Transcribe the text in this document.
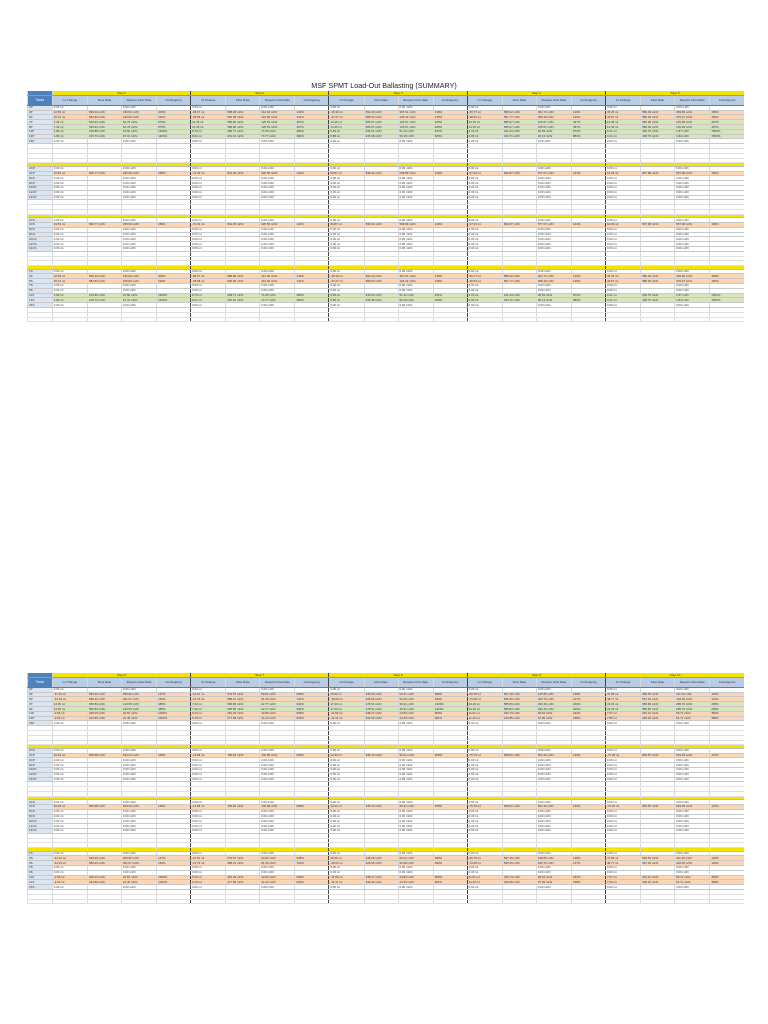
MSF SPMT Load-Out Ballasting (SUMMARY)
	Step 1				Step 2				Step 3				Step 4				Step 5			
Tanks	mt Change	Flow Rate	Require Flow Rate	Contingency	mt Change	Flow Rate	Require Flow Rate	Contingency	mt Change	Flow Rate	Require Flow Rate	Contingency	mt Change	Flow Rate	Require Flow Rate	Contingency	mt Change	Flow Rate	Require Flow Rate	Contingency
2P	0.00 mt		0.00 mt/hr		0.00 mt		0.00 mt/hr		0.00 mt		0.00 mt/hr		0.00 mt		0.00 mt/hr		0.00 mt		0.00 mt/hr	
3P	22.59 mt	590.10 mt/hr	196.52 mt/hr	303%	-68.07 mt	588.08 mt/hr	412.00 mt/hr	143%	-46.39 mt	592.20 mt/hr	397.61 mt/hr	149%	-66.77 mt	586.92 mt/hr	402.73 mt/hr	146%	45.25 mt	586.39 mt/hr	369.80 mt/hr	159%
5P	25.31 mt	582.83 mt/hr	199.83 mt/hr	292%	-38.08 mt	590.08 mt/hr	419.90 mt/hr	141%	-37.27 mt	589.53 mt/hr	436.42 mt/hr	135%	-38.52 mt	591.77 mt/hr	398.19 mt/hr	149%	43.87 mt	586.39 mt/hr	376.07 mt/hr	156%
7P	7.32 mt	549.32 mt/hr	62.79 mt/hr	875%	14.45 mt	585.80 mt/hr	125.53 mt/hr	467%	14.45 mt	585.97 mt/hr	125.97 mt/hr	465%	14.45 mt	585.97 mt/hr	125.57 mt/hr	467%	14.45 mt	586.09 mt/hr	125.38 mt/hr	467%
9P	7.32 mt	549.32 mt/hr	62.79 mt/hr	875%	14.45 mt	585.80 mt/hr	125.53 mt/hr	467%	14.45 mt	585.97 mt/hr	125.97 mt/hr	465%	14.45 mt	585.97 mt/hr	125.57 mt/hr	467%	14.45 mt	586.09 mt/hr	125.38 mt/hr	467%
11P	1.83 mt	219.85 mt/hr	15.60 mt/hr	1409%	8.70 mt	289.71 mt/hr	74.35 mt/hr	390%	5.96 mt	230.51 mt/hr	51.12 mt/hr	451%	3.10 mt	231.23 mt/hr	26.53 mt/hr	872%	0.21 mt	230.75 mt/hr	1.87 mt/hr	7003%
13P	1.80 mt	215.73 mt/hr	15.31 mt/hr	1409%	8.62 mt	281.91 mt/hr	73.77 mt/hr	382%	5.88 mt	235.38 mt/hr	50.18 mt/hr	469%	3.05 mt	230.71 mt/hr	26.13 mt/hr	883%	0.21 mt	228.76 mt/hr	1.84 mt/hr	7003%
15P	0.00 mt		0.00 mt/hr		0.00 mt		0.00 mt/hr		0.00 mt		0.00 mt/hr		0.00 mt		0.00 mt/hr		0.00 mt		0.00 mt/hr	

2CP	0.00 mt		0.00 mt/hr		0.00 mt		0.00 mt/hr		0.00 mt		0.00 mt/hr		0.00 mt		0.00 mt/hr		0.00 mt		0.00 mt/hr	
4CP	34.53 mt	829.77 mt/hr	295.99 mt/hr	280%	-72.40 mt	831.35 mt/hr	620.56 mt/hr	134%	69.87 mt	838.34 mt/hr	598.89 mt/hr	140%	-67.33 mt	832.87 mt/hr	577.07 mt/hr	144%	64.99 mt	837.98 mt/hr	557.08 mt/hr	150%
6CP	0.00 mt		0.00 mt/hr		0.00 mt		0.00 mt/hr		0.00 mt		0.00 mt/hr		0.00 mt		0.00 mt/hr		0.00 mt		0.00 mt/hr	
8CP	0.00 mt		0.00 mt/hr		0.00 mt		0.00 mt/hr		0.00 mt		0.00 mt/hr		0.00 mt		0.00 mt/hr		0.00 mt		0.00 mt/hr	
10CP	0.00 mt		0.00 mt/hr		0.00 mt		0.00 mt/hr		0.00 mt		0.00 mt/hr		0.00 mt		0.00 mt/hr		0.00 mt		0.00 mt/hr	
12CP	0.00 mt		0.00 mt/hr		0.00 mt		0.00 mt/hr		0.00 mt		0.00 mt/hr		0.00 mt		0.00 mt/hr		0.00 mt		0.00 mt/hr	
14CP	0.00 mt		0.00 mt/hr		0.00 mt		0.00 mt/hr		0.00 mt		0.00 mt/hr		0.00 mt		0.00 mt/hr		0.00 mt		0.00 mt/hr	

2CS	0.00 mt		0.00 mt/hr		0.00 mt		0.00 mt/hr		0.00 mt		0.00 mt/hr		0.00 mt		0.00 mt/hr		0.00 mt		0.00 mt/hr	
4CS	34.53 mt	829.77 mt/hr	295.99 mt/hr	280%	-72.40 mt	831.35 mt/hr	620.56 mt/hr	134%	69.87 mt	838.34 mt/hr	598.89 mt/hr	140%	-67.33 mt	832.87 mt/hr	577.07 mt/hr	144%	64.99 mt	837.98 mt/hr	557.08 mt/hr	150%
6CS	0.00 mt		0.00 mt/hr		0.00 mt		0.00 mt/hr		0.00 mt		0.00 mt/hr		0.00 mt		0.00 mt/hr		0.00 mt		0.00 mt/hr	
8CS	0.00 mt		0.00 mt/hr		0.00 mt		0.00 mt/hr		0.00 mt		0.00 mt/hr		0.00 mt		0.00 mt/hr		0.00 mt		0.00 mt/hr	
10CS	0.00 mt		0.00 mt/hr		0.00 mt		0.00 mt/hr		0.00 mt		0.00 mt/hr		0.00 mt		0.00 mt/hr		0.00 mt		0.00 mt/hr	
12CS	0.00 mt		0.00 mt/hr		0.00 mt		0.00 mt/hr		0.00 mt		0.00 mt/hr		0.00 mt		0.00 mt/hr		0.00 mt		0.00 mt/hr	
14CS	0.00 mt		0.00 mt/hr		0.00 mt		0.00 mt/hr		0.00 mt		0.00 mt/hr		0.00 mt		0.00 mt/hr		0.00 mt		0.00 mt/hr	

1S	0.00 mt		0.00 mt/hr		0.00 mt		0.00 mt/hr		0.00 mt		0.00 mt/hr		0.00 mt		0.00 mt/hr		0.00 mt		0.00 mt/hr	
3S	22.59 mt	590.10 mt/hr	196.52 mt/hr	303%	-68.07 mt	588.08 mt/hr	412.00 mt/hr	143%	-46.39 mt	592.20 mt/hr	397.61 mt/hr	149%	-66.77 mt	586.92 mt/hr	402.73 mt/hr	146%	45.25 mt	586.39 mt/hr	369.80 mt/hr	159%
5S	25.31 mt	582.83 mt/hr	199.83 mt/hr	292%	-38.08 mt	590.08 mt/hr	419.90 mt/hr	141%	-37.27 mt	589.53 mt/hr	436.42 mt/hr	135%	-38.52 mt	591.77 mt/hr	398.19 mt/hr	149%	43.87 mt	586.39 mt/hr	376.07 mt/hr	156%
7S	0.00 mt		0.00 mt/hr		0.00 mt		0.00 mt/hr		0.00 mt		0.00 mt/hr		0.00 mt		0.00 mt/hr		0.00 mt		0.00 mt/hr	
9S	0.00 mt		0.00 mt/hr		0.00 mt		0.00 mt/hr		0.00 mt		0.00 mt/hr		0.00 mt		0.00 mt/hr		0.00 mt		0.00 mt/hr	
11S	1.83 mt	219.85 mt/hr	15.60 mt/hr	1409%	8.70 mt	289.71 mt/hr	74.35 mt/hr	390%	5.96 mt	230.51 mt/hr	51.12 mt/hr	451%	3.10 mt	231.23 mt/hr	26.53 mt/hr	872%	0.21 mt	230.75 mt/hr	1.87 mt/hr	7003%
13S	1.80 mt	215.73 mt/hr	15.31 mt/hr	1409%	8.62 mt	281.91 mt/hr	73.77 mt/hr	382%	5.88 mt	235.38 mt/hr	50.18 mt/hr	469%	3.05 mt	230.71 mt/hr	26.13 mt/hr	883%	0.21 mt	228.76 mt/hr	1.84 mt/hr	7003%
15S	0.00 mt		0.00 mt/hr		0.00 mt		0.00 mt/hr		0.00 mt		0.00 mt/hr		0.00 mt		0.00 mt/hr		0.00 mt		0.00 mt/hr	

	Step 6				Step 7				Step 8				Step 9				Step 10			
Tanks	mt Change	Flow Rate	Require Flow Rate	Contingency	mt Change	Flow Rate	Require Flow Rate	Contingency	mt Change	Flow Rate	Require Flow Rate	Contingency	mt Change	Flow Rate	Require Flow Rate	Contingency	mt Change	Flow Rate	Require Flow Rate	Contingency
2P	0.00 mt		0.00 mt/hr		0.00 mt		0.00 mt/hr		0.00 mt		0.00 mt/hr		0.00 mt		0.00 mt/hr		0.00 mt		0.00 mt/hr	
3P	-41.10 mt	593.26 mt/hr	359.96 mt/hr	167%	-10.61 mt	579.57 mt/hr	90.92 mt/hr	638%	29.50 mt	238.28 mt/hr	63.21 mt/hr	380%	-69.78 mt	597.18 mt/hr	128.55 mt/hr	138%	47.96 mt	599.53 mt/hr	411.20 mt/hr	146%
5P	-42.23 mt	589.22 mt/hr	361.97 mt/hr	163%	-15.79 mt	588.21 mt/hr	81.45 mt/hr	722%	-39.00 mt	228.96 mt/hr	56.28 mt/hr	392%	-70.08 mt	595.45 mt/hr	183.73 mt/hr	147%	48.77 mt	597.34 mt/hr	418.00 mt/hr	143%
7P	14.05 mt	585.83 mt/hr	120.55 mt/hr	485%	7.32 mt	595.86 mt/hr	62.77 mt/hr	946%	17.33 mt	178.54 mt/hr	36.31 mt/hr	1315%	34.20 mt	585.83 mt/hr	293.15 mt/hr	200%	33.33 mt	585.83 mt/hr	285.70 mt/hr	205%
9P	14.05 mt	585.83 mt/hr	120.55 mt/hr	485%	7.32 mt	595.86 mt/hr	62.77 mt/hr	946%	17.33 mt	178.54 mt/hr	36.31 mt/hr	1315%	34.20 mt	585.83 mt/hr	293.15 mt/hr	200%	33.33 mt	585.83 mt/hr	285.70 mt/hr	205%
11P	-2.66 mt	228.15 mt/hr	22.81 mt/hr	1000%	5.23 mt	281.25 mt/hr	44.80 mt/hr	628%	-11.59 mt	238.27 mt/hr	24.83 mt/hr	960%	11.61 mt	230.73 mt/hr	99.54 mt/hr	232%	7.67 mt	232.10 mt/hr	65.71 mt/hr	353%
13P	-2.62 mt	224.89 mt/hr	22.45 mt/hr	1002%	5.15 mt	277.58 mt/hr	44.12 mt/hr	629%	-11.41 mt	234.92 mt/hr	24.45 mt/hr	961%	11.43 mt	232.85 mt/hr	97.99 mt/hr	238%	7.55 mt	238.32 mt/hr	64.71 mt/hr	368%
15P	0.00 mt		0.00 mt/hr		0.00 mt		0.00 mt/hr		0.00 mt		0.00 mt/hr		0.00 mt		0.00 mt/hr		0.00 mt		0.00 mt/hr	

2CP	0.00 mt		0.00 mt/hr		0.00 mt		0.00 mt/hr		0.00 mt		0.00 mt/hr		0.00 mt		0.00 mt/hr		0.00 mt		0.00 mt/hr	
4CP	62.33 mt	835.98 mt/hr	534.23 mt/hr	156%	-13.98 mt	790.81 mt/hr	146.98 mt/hr	538%	44.33 mt	338.10 mt/hr	95.21 mt/hr	355%	-75.76 mt	848.51 mt/hr	652.34 mt/hr	130%	-72.26 mt	839.87 mt/hr	619.39 mt/hr	137%
6CP	0.00 mt		0.00 mt/hr		0.00 mt		0.00 mt/hr		0.00 mt		0.00 mt/hr		0.00 mt		0.00 mt/hr		0.00 mt		0.00 mt/hr	
8CP	0.00 mt		0.00 mt/hr		0.00 mt		0.00 mt/hr		0.00 mt		0.00 mt/hr		0.00 mt		0.00 mt/hr		0.00 mt		0.00 mt/hr	
10CP	0.00 mt		0.00 mt/hr		0.00 mt		0.00 mt/hr		0.00 mt		0.00 mt/hr		0.00 mt		0.00 mt/hr		0.00 mt		0.00 mt/hr	
12CP	0.00 mt		0.00 mt/hr		0.00 mt		0.00 mt/hr		0.00 mt		0.00 mt/hr		0.00 mt		0.00 mt/hr		0.00 mt		0.00 mt/hr	
14CP	0.00 mt		0.00 mt/hr		0.00 mt		0.00 mt/hr		0.00 mt		0.00 mt/hr		0.00 mt		0.00 mt/hr		0.00 mt		0.00 mt/hr	

2CS	0.00 mt		0.00 mt/hr		0.00 mt		0.00 mt/hr		0.00 mt		0.00 mt/hr		0.00 mt		0.00 mt/hr		0.00 mt		0.00 mt/hr	
4CS	62.33 mt	835.98 mt/hr	534.23 mt/hr	156%	-13.98 mt	790.81 mt/hr	146.98 mt/hr	538%	44.33 mt	338.10 mt/hr	95.21 mt/hr	355%	-75.76 mt	848.51 mt/hr	652.34 mt/hr	130%	-72.26 mt	839.87 mt/hr	619.39 mt/hr	137%
6CS	0.00 mt		0.00 mt/hr		0.00 mt		0.00 mt/hr		0.00 mt		0.00 mt/hr		0.00 mt		0.00 mt/hr		0.00 mt		0.00 mt/hr	
8CS	0.00 mt		0.00 mt/hr		0.00 mt		0.00 mt/hr		0.00 mt		0.00 mt/hr		0.00 mt		0.00 mt/hr		0.00 mt		0.00 mt/hr	
10CS	0.00 mt		0.00 mt/hr		0.00 mt		0.00 mt/hr		0.00 mt		0.00 mt/hr		0.00 mt		0.00 mt/hr		0.00 mt		0.00 mt/hr	
12CS	0.00 mt		0.00 mt/hr		0.00 mt		0.00 mt/hr		0.00 mt		0.00 mt/hr		0.00 mt		0.00 mt/hr		0.00 mt		0.00 mt/hr	
14CS	0.00 mt		0.00 mt/hr		0.00 mt		0.00 mt/hr		0.00 mt		0.00 mt/hr		0.00 mt		0.00 mt/hr		0.00 mt		0.00 mt/hr	

1S	0.00 mt		0.00 mt/hr		0.00 mt		0.00 mt/hr		0.00 mt		0.00 mt/hr		0.00 mt		0.00 mt/hr		0.00 mt		0.00 mt/hr	
3S	-41.10 mt	593.26 mt/hr	359.96 mt/hr	167%	-10.61 mt	579.57 mt/hr	90.92 mt/hr	638%	29.50 mt	238.28 mt/hr	63.21 mt/hr	380%	-69.78 mt	597.18 mt/hr	128.55 mt/hr	138%	47.96 mt	599.53 mt/hr	411.20 mt/hr	146%
5S	-42.23 mt	589.22 mt/hr	361.97 mt/hr	163%	-15.79 mt	588.21 mt/hr	81.45 mt/hr	722%	-39.00 mt	228.96 mt/hr	56.28 mt/hr	392%	-70.08 mt	595.45 mt/hr	183.73 mt/hr	147%	48.77 mt	597.34 mt/hr	418.00 mt/hr	143%
7S	0.00 mt		0.00 mt/hr		0.00 mt		0.00 mt/hr		0.00 mt		0.00 mt/hr		0.00 mt		0.00 mt/hr		0.00 mt		0.00 mt/hr	
9S	0.00 mt		0.00 mt/hr		0.00 mt		0.00 mt/hr		0.00 mt		0.00 mt/hr		0.00 mt		0.00 mt/hr		0.00 mt		0.00 mt/hr	
11S	-2.66 mt	228.15 mt/hr	22.81 mt/hr	1000%	5.23 mt	281.25 mt/hr	44.80 mt/hr	628%	-11.59 mt	238.27 mt/hr	24.83 mt/hr	960%	11.61 mt	230.73 mt/hr	99.54 mt/hr	232%	7.67 mt	232.10 mt/hr	65.71 mt/hr	353%
13S	-2.62 mt	224.89 mt/hr	22.45 mt/hr	1002%	5.15 mt	277.58 mt/hr	44.12 mt/hr	629%	-11.41 mt	234.92 mt/hr	24.45 mt/hr	961%	11.43 mt	232.85 mt/hr	97.99 mt/hr	238%	7.55 mt	238.32 mt/hr	64.71 mt/hr	368%
15S	0.00 mt		0.00 mt/hr		0.00 mt		0.00 mt/hr		0.00 mt		0.00 mt/hr		0.00 mt		0.00 mt/hr		0.00 mt		0.00 mt/hr	
